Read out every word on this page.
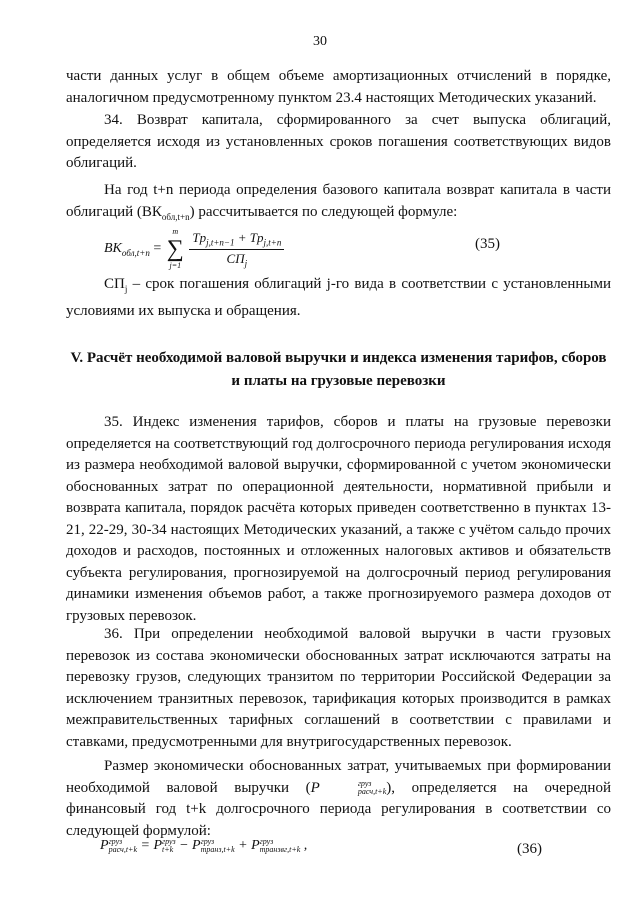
30
части данных услуг в общем объеме амортизационных отчислений в порядке, аналогичном предусмотренному пунктом 23.4 настоящих Методических указаний.
34. Возврат капитала, сформированного за счет выпуска облигаций, определяется исходя из установленных сроков погашения соответствующих видов облигаций.
На год t+n периода определения базового капитала возврат капитала в части облигаций $(ВК_{обл,t+n})$ рассчитывается по следующей формуле:
$BK_{обл,t+n}$ =
m
∑
j=1
$\frac{Tp_{j,t+n-1} + Tp_{j,t+n}}{СП_j}$	(35)
$СП_j$ – срок погашения облигаций j-го вида в соответствии с установленными условиями их выпуска и обращения.
V. Расчёт необходимой валовой выручки и индекса изменения тарифов, сборов и платы на грузовые перевозки
35. Индекс изменения тарифов, сборов и платы на грузовые перевозки определяется на соответствующий год долгосрочного периода регулирования исходя из размера необходимой валовой выручки, сформированной с учетом экономически обоснованных затрат по операционной деятельности, нормативной прибыли и возврата капитала, порядок расчёта которых приведен соответственно в пунктах 13-21, 22-29, 30-34 настоящих Методических указаний, а также с учётом сальдо прочих доходов и расходов, постоянных и отложенных налоговых активов и обязательств субъекта регулирования, прогнозируемой на долгосрочный период регулирования динамики изменения объемов работ, а также прогнозируемого размера доходов от грузовых перевозок.
36. При определении необходимой валовой выручки в части грузовых перевозок из состава экономически обоснованных затрат исключаются затраты на перевозку грузов, следующих транзитом по территории Российской Федерации за исключением транзитных перевозок, тарификация которых производится в рамках межправительственных тарифных соглашений в соответствии с правилами и ставками, предусмотренными для внутригосударственных перевозок.
Размер экономически обоснованных затрат, учитываемых при формировании необходимой валовой выручки (P	груз
расч,t+k ), определяется на очередной финансовый год t+k долгосрочного периода регулирования в соответствии со следующей формулой:
P груз
расч,t+k = P груз
t+k − P груз
транз,t+k + P груз
транзвг,t+k ,	(36)
